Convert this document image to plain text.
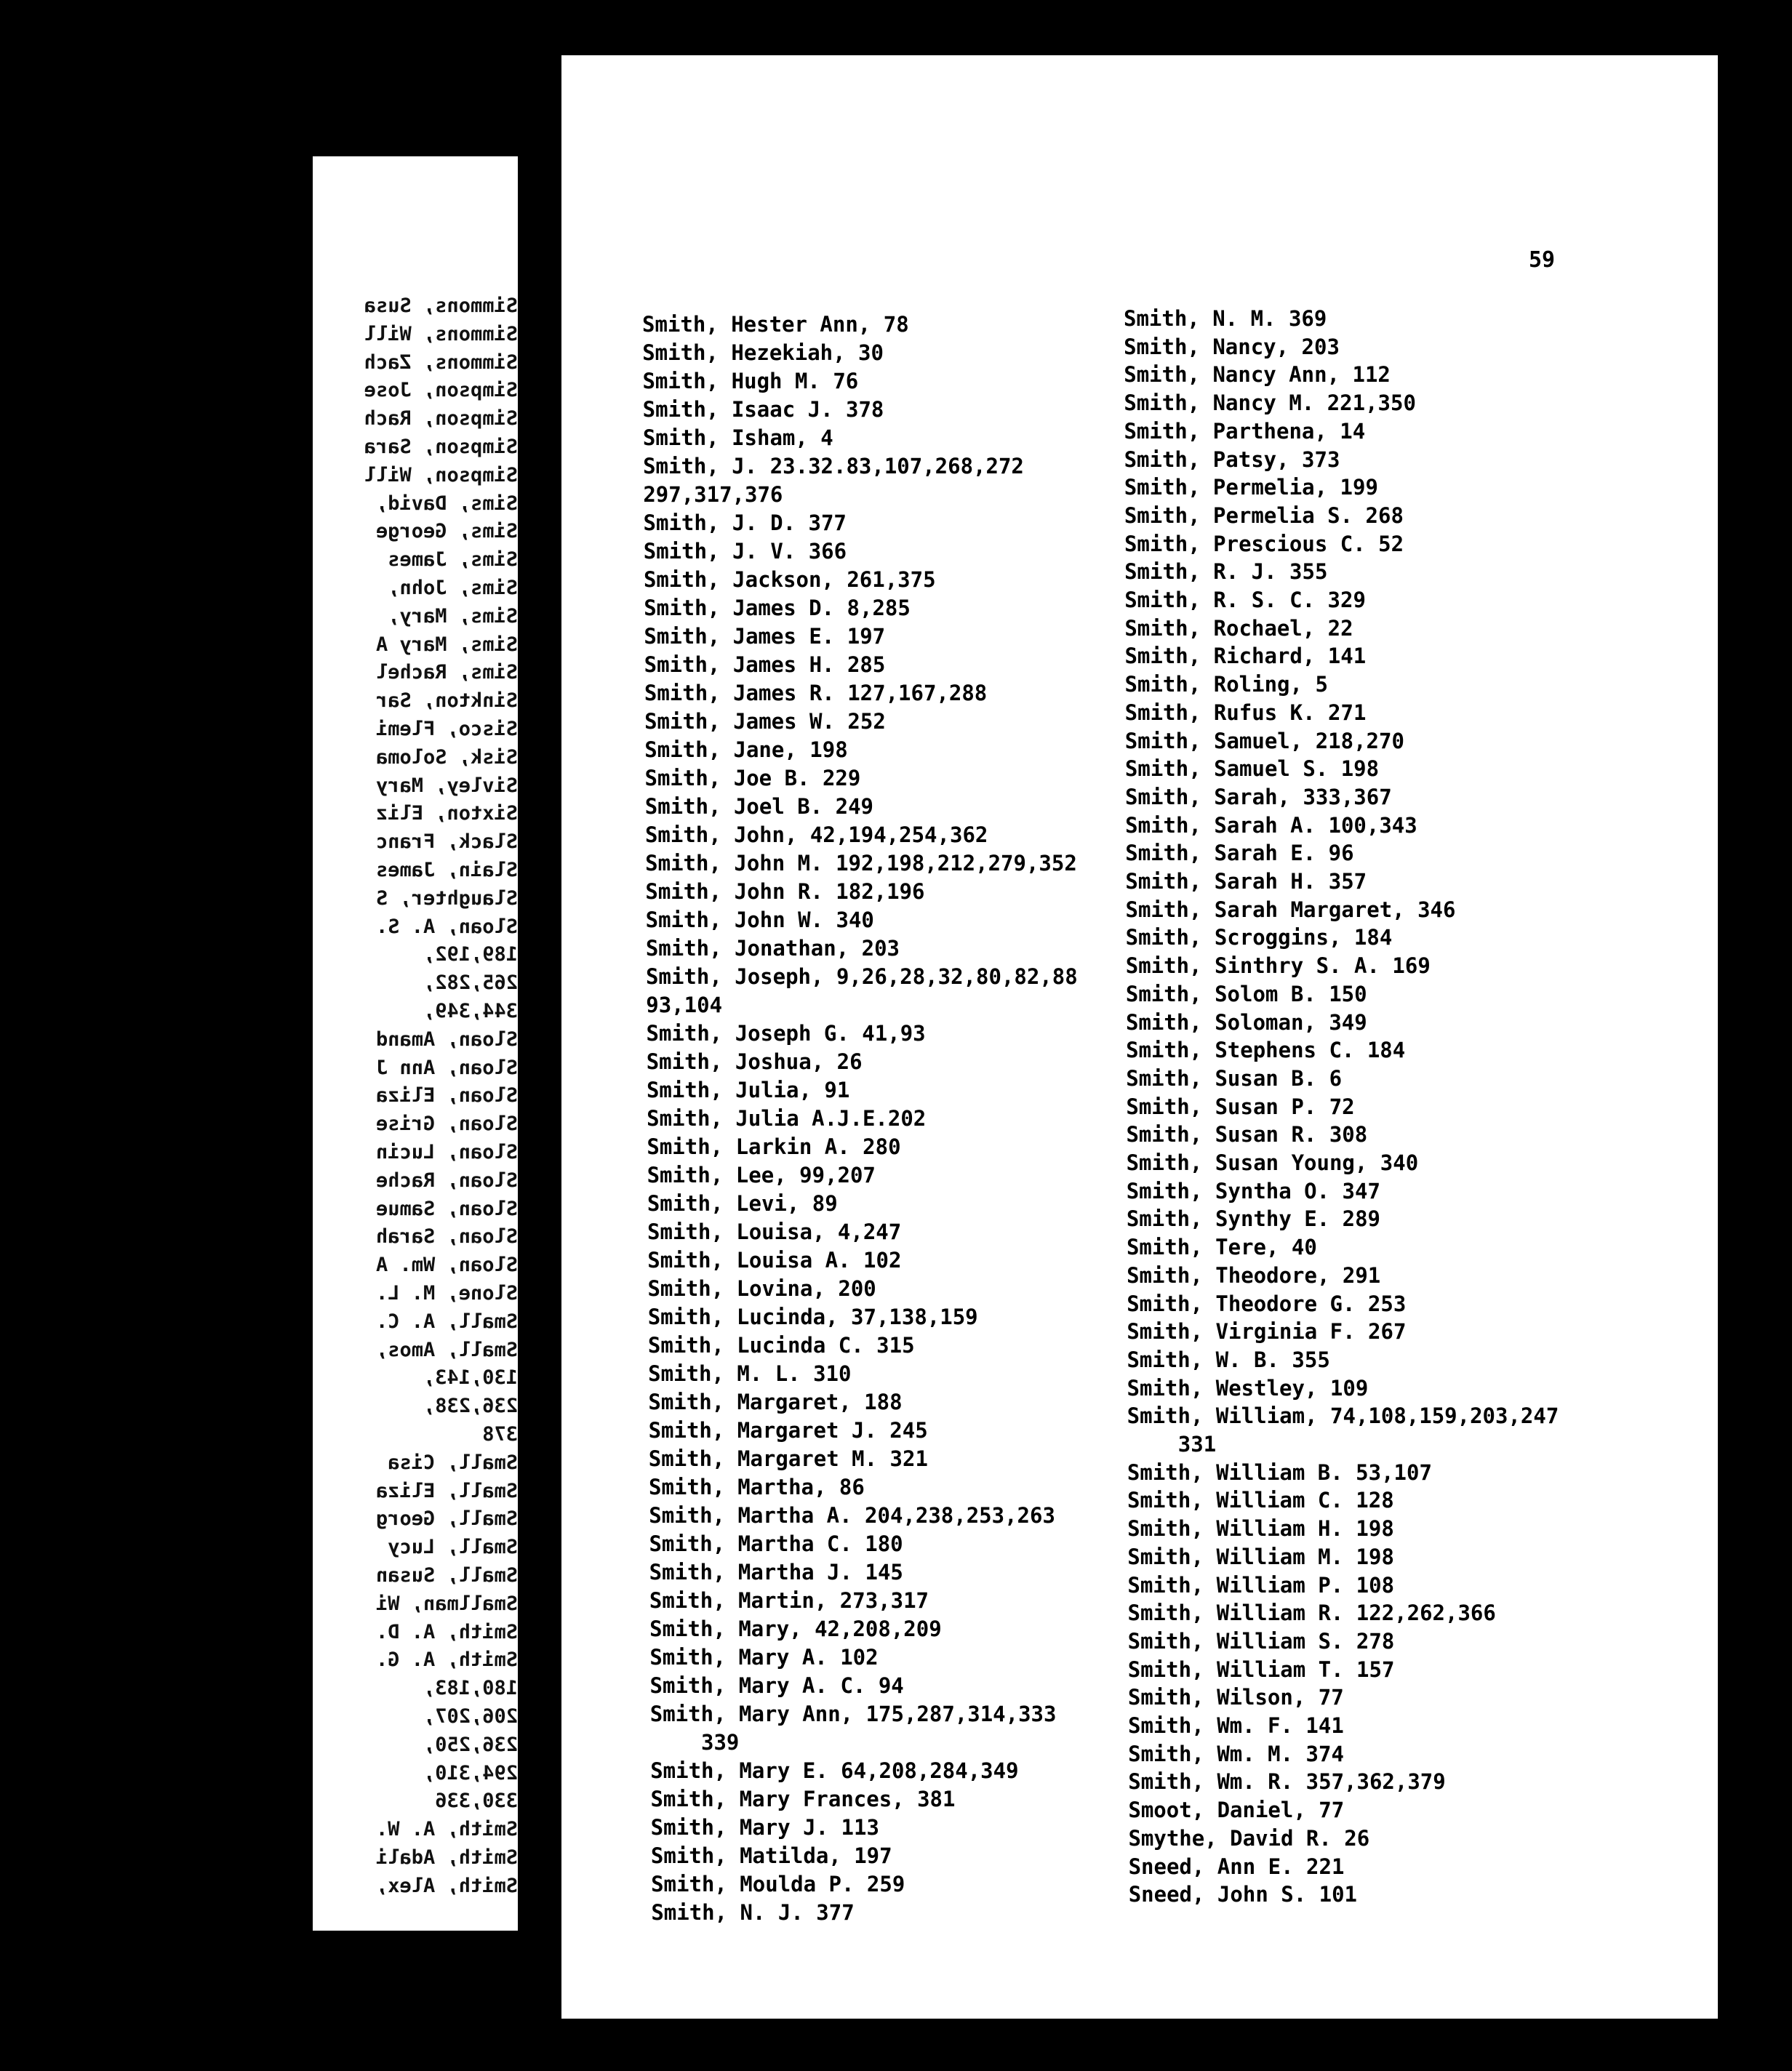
Simmons, Susa
Simmons, Will
Simmons, Zach
Simpson, Jose
Simpson, Rach
Simpson, Sara
Simpson, Will
Sims, David,
Sims, George
Sims, James
Sims, John,
Sims, Mary,
Sims, Mary A
Sims, Rachel
Sinkton, Sar
Sisco, Flemi
Sisk, Soloma
Sivley, Mary
Sixton, Eliz
Slack, Franc
Slain, James
Slaughter, S
Sloan, A. S.
189,192,
265,282,
344,349,
Sloan, Amand
Sloan, Ann J
Sloan, Eliza
Sloan, Grise
Sloan, Lucin
Sloan, Rache
Sloan, Samue
Sloan, Sarah
Sloan, Wm. A
Slone, M. L.
Small, A. C.
Small, Amos,
130,143,
236,238,
378
Small, Cisa
Small, Eliza
Small, Georg
Small, Lucy
Small, Susan
Smallman, Wi
Smith, A. D.
Smith, A. G.
180,183,
206,207,
236,250,
294,310,
330,336
Smith, A. W.
Smith, Adali
Smith, Alex,
59
Smith, Hester Ann, 78
Smith, Hezekiah, 30
Smith, Hugh M. 76
Smith, Isaac J. 378
Smith, Isham, 4
Smith, J. 23.32.83,107,268,272
297,317,376
Smith, J. D. 377
Smith, J. V. 366
Smith, Jackson, 261,375
Smith, James D. 8,285
Smith, James E. 197
Smith, James H. 285
Smith, James R. 127,167,288
Smith, James W. 252
Smith, Jane, 198
Smith, Joe B. 229
Smith, Joel B. 249
Smith, John, 42,194,254,362
Smith, John M. 192,198,212,279,352
Smith, John R. 182,196
Smith, John W. 340
Smith, Jonathan, 203
Smith, Joseph, 9,26,28,32,80,82,88
93,104
Smith, Joseph G. 41,93
Smith, Joshua, 26
Smith, Julia, 91
Smith, Julia A.J.E.202
Smith, Larkin A. 280
Smith, Lee, 99,207
Smith, Levi, 89
Smith, Louisa, 4,247
Smith, Louisa A. 102
Smith, Lovina, 200
Smith, Lucinda, 37,138,159
Smith, Lucinda C. 315
Smith, M. L. 310
Smith, Margaret, 188
Smith, Margaret J. 245
Smith, Margaret M. 321
Smith, Martha, 86
Smith, Martha A. 204,238,253,263
Smith, Martha C. 180
Smith, Martha J. 145
Smith, Martin, 273,317
Smith, Mary, 42,208,209
Smith, Mary A. 102
Smith, Mary A. C. 94
Smith, Mary Ann, 175,287,314,333
339
Smith, Mary E. 64,208,284,349
Smith, Mary Frances, 381
Smith, Mary J. 113
Smith, Matilda, 197
Smith, Moulda P. 259
Smith, N. J. 377
Smith, N. M. 369
Smith, Nancy, 203
Smith, Nancy Ann, 112
Smith, Nancy M. 221,350
Smith, Parthena, 14
Smith, Patsy, 373
Smith, Permelia, 199
Smith, Permelia S. 268
Smith, Prescious C. 52
Smith, R. J. 355
Smith, R. S. C. 329
Smith, Rochael, 22
Smith, Richard, 141
Smith, Roling, 5
Smith, Rufus K. 271
Smith, Samuel, 218,270
Smith, Samuel S. 198
Smith, Sarah, 333,367
Smith, Sarah A. 100,343
Smith, Sarah E. 96
Smith, Sarah H. 357
Smith, Sarah Margaret, 346
Smith, Scroggins, 184
Smith, Sinthry S. A. 169
Smith, Solom B. 150
Smith, Soloman, 349
Smith, Stephens C. 184
Smith, Susan B. 6
Smith, Susan P. 72
Smith, Susan R. 308
Smith, Susan Young, 340
Smith, Syntha O. 347
Smith, Synthy E. 289
Smith, Tere, 40
Smith, Theodore, 291
Smith, Theodore G. 253
Smith, Virginia F. 267
Smith, W. B. 355
Smith, Westley, 109
Smith, William, 74,108,159,203,247
331
Smith, William B. 53,107
Smith, William C. 128
Smith, William H. 198
Smith, William M. 198
Smith, William P. 108
Smith, William R. 122,262,366
Smith, William S. 278
Smith, William T. 157
Smith, Wilson, 77
Smith, Wm. F. 141
Smith, Wm. M. 374
Smith, Wm. R. 357,362,379
Smoot, Daniel, 77
Smythe, David R. 26
Sneed, Ann E. 221
Sneed, John S. 101
